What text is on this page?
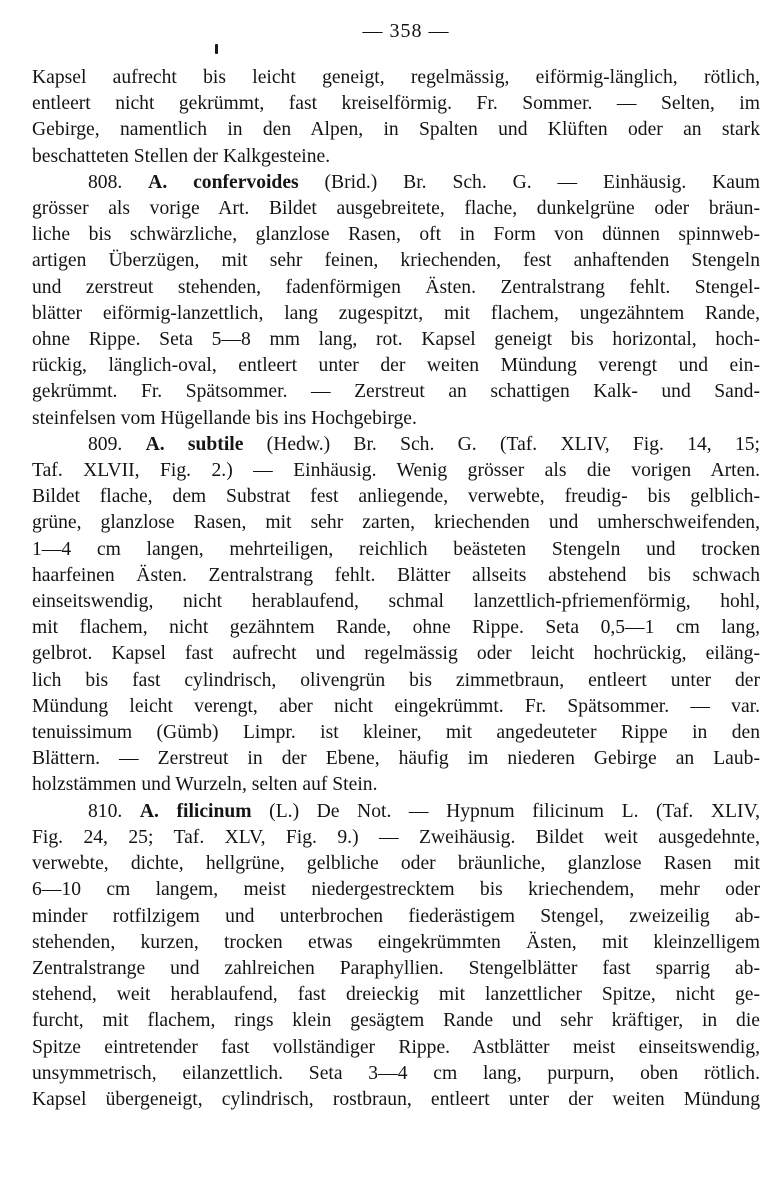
— 358 —

Kapsel aufrecht bis leicht geneigt, regelmässig, eiförmig-länglich, rötlich,

entleert nicht gekrümmt, fast kreiselförmig. Fr. Sommer. — Selten, im

Gebirge, namentlich in den Alpen, in Spalten und Klüften oder an stark

beschatteten Stellen der Kalkgesteine.

808. A. confervoides (Brid.) Br. Sch. G. — Einhäusig. Kaum

grösser als vorige Art. Bildet ausgebreitete, flache, dunkelgrüne oder bräun-

liche bis schwärzliche, glanzlose Rasen, oft in Form von dünnen spinnweb-

artigen Überzügen, mit sehr feinen, kriechenden, fest anhaftenden Stengeln

und zerstreut stehenden, fadenförmigen Ästen. Zentralstrang fehlt. Stengel-

blätter eiförmig-lanzettlich, lang zugespitzt, mit flachem, ungezähntem Rande,

ohne Rippe. Seta 5—8 mm lang, rot. Kapsel geneigt bis horizontal, hoch-

rückig, länglich-oval, entleert unter der weiten Mündung verengt und ein-

gekrümmt. Fr. Spätsommer. — Zerstreut an schattigen Kalk- und Sand-

steinfelsen vom Hügellande bis ins Hochgebirge.

809. A. subtile (Hedw.) Br. Sch. G. (Taf. XLIV, Fig. 14, 15;

Taf. XLVII, Fig. 2.) — Einhäusig. Wenig grösser als die vorigen Arten.

Bildet flache, dem Substrat fest anliegende, verwebte, freudig- bis gelblich-

grüne, glanzlose Rasen, mit sehr zarten, kriechenden und umherschweifenden,

1—4 cm langen, mehrteiligen, reichlich beästeten Stengeln und trocken

haarfeinen Ästen. Zentralstrang fehlt. Blätter allseits abstehend bis schwach

einseitswendig, nicht herablaufend, schmal lanzettlich-pfriemenförmig, hohl,

mit flachem, nicht gezähntem Rande, ohne Rippe. Seta 0,5—1 cm lang,

gelbrot. Kapsel fast aufrecht und regelmässig oder leicht hochrückig, eiläng-

lich bis fast cylindrisch, olivengrün bis zimmetbraun, entleert unter der

Mündung leicht verengt, aber nicht eingekrümmt. Fr. Spätsommer. — var.

tenuissimum (Gümb) Limpr. ist kleiner, mit angedeuteter Rippe in den

Blättern. — Zerstreut in der Ebene, häufig im niederen Gebirge an Laub-

holzstämmen und Wurzeln, selten auf Stein.

810. A. filicinum (L.) De Not. — Hypnum filicinum L. (Taf. XLIV,

Fig. 24, 25; Taf. XLV, Fig. 9.) — Zweihäusig. Bildet weit ausgedehnte,

verwebte, dichte, hellgrüne, gelbliche oder bräunliche, glanzlose Rasen mit

6—10 cm langem, meist niedergestrecktem bis kriechendem, mehr oder

minder rotfilzigem und unterbrochen fiederästigem Stengel, zweizeilig ab-

stehenden, kurzen, trocken etwas eingekrümmten Ästen, mit kleinzelligem

Zentralstrange und zahlreichen Paraphyllien. Stengelblätter fast sparrig ab-

stehend, weit herablaufend, fast dreieckig mit lanzettlicher Spitze, nicht ge-

furcht, mit flachem, rings klein gesägtem Rande und sehr kräftiger, in die

Spitze eintretender fast vollständiger Rippe. Astblätter meist einseitswendig,

unsymmetrisch, eilanzettlich. Seta 3—4 cm lang, purpurn, oben rötlich.

Kapsel übergeneigt, cylindrisch, rostbraun, entleert unter der weiten Mündung
